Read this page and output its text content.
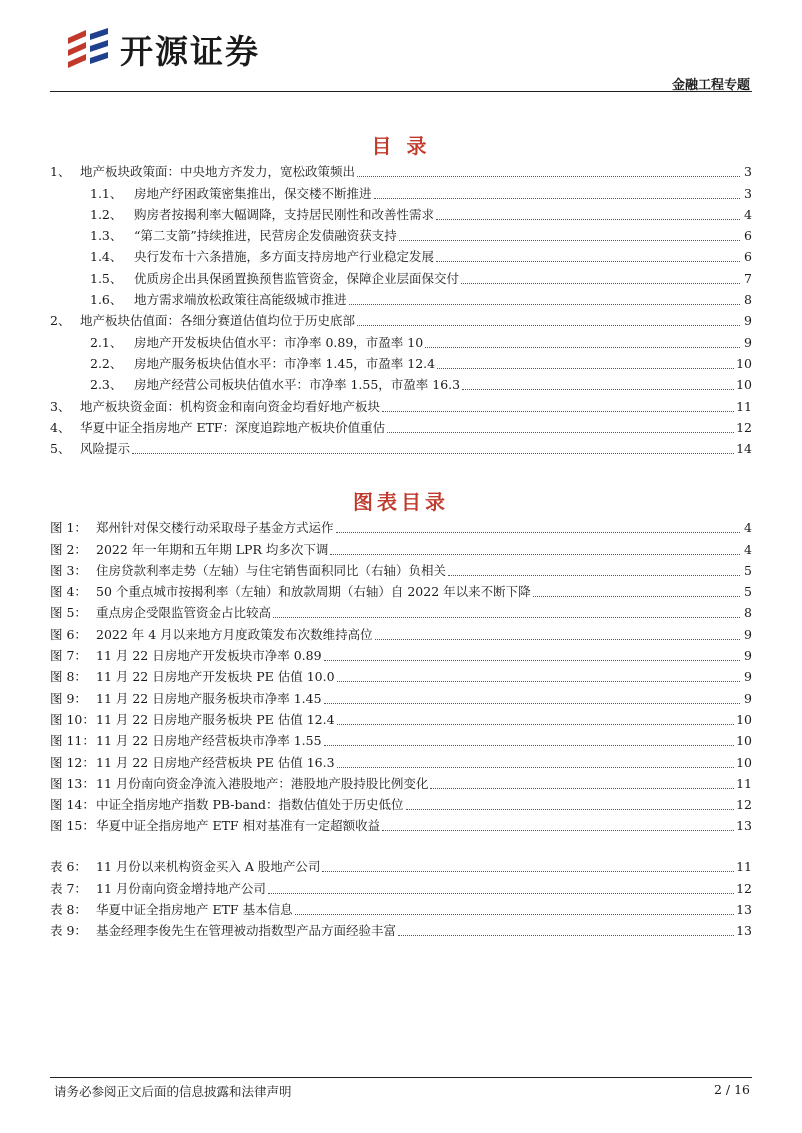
开源证券
金融工程专题
目 录
1、 地产板块政策面：中央地方齐发力，宽松政策频出	3
1.1、 房地产纾困政策密集推出，保交楼不断推进	3
1.2、 购房者按揭利率大幅调降，支持居民刚性和改善性需求	4
1.3、 “第二支箭”持续推进，民营房企发债融资获支持	6
1.4、 央行发布十六条措施，多方面支持房地产行业稳定发展	6
1.5、 优质房企出具保函置换预售监管资金，保障企业层面保交付	7
1.6、 地方需求端放松政策往高能级城市推进	8
2、 地产板块估值面：各细分赛道估值均位于历史底部	9
2.1、 房地产开发板块估值水平：市净率 0.89，市盈率 10	9
2.2、 房地产服务板块估值水平：市净率 1.45，市盈率 12.4	10
2.3、 房地产经营公司板块估值水平：市净率 1.55，市盈率 16.3	10
3、 地产板块资金面：机构资金和南向资金均看好地产板块	11
4、 华夏中证全指房地产 ETF：深度追踪地产板块价值重估	12
5、 风险提示	14
图表目录
图 1： 郑州针对保交楼行动采取母子基金方式运作	4
图 2： 2022 年一年期和五年期 LPR 均多次下调	4
图 3： 住房贷款利率走势（左轴）与住宅销售面积同比（右轴）负相关	5
图 4： 50 个重点城市按揭利率（左轴）和放款周期（右轴）自 2022 年以来不断下降	5
图 5： 重点房企受限监管资金占比较高	8
图 6： 2022 年 4 月以来地方月度政策发布次数维持高位	9
图 7： 11 月 22 日房地产开发板块市净率 0.89	9
图 8： 11 月 22 日房地产开发板块 PE 估值 10.0	9
图 9： 11 月 22 日房地产服务板块市净率 1.45	9
图 10： 11 月 22 日房地产服务板块 PE 估值 12.4	10
图 11： 11 月 22 日房地产经营板块市净率 1.55	10
图 12： 11 月 22 日房地产经营板块 PE 估值 16.3	10
图 13： 11 月份南向资金净流入港股地产：港股地产股持股比例变化	11
图 14： 中证全指房地产指数 PB-band：指数估值处于历史低位	12
图 15： 华夏中证全指房地产 ETF 相对基准有一定超额收益	13
表 6： 11 月份以来机构资金买入 A 股地产公司	11
表 7： 11 月份南向资金增持地产公司	12
表 8： 华夏中证全指房地产 ETF 基本信息	13
表 9： 基金经理李俊先生在管理被动指数型产品方面经验丰富	13
请务必参阅正文后面的信息披露和法律声明	2 / 16
